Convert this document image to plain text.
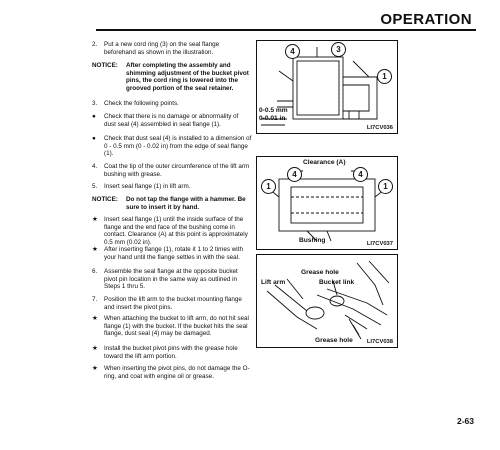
OPERATION
2.	Put a new cord ring (3) on the seal flange beforehand as shown in the illustration.
NOTICE:	After completing the assembly and shimming adjustment of the bucket pivot pins, the cord ring is lowered into the grooved portion of the seal retainer.
3.	Check the following points.
●	Check that there is no damage or abnormality of dust seal (4) assembled in seal flange (1).
●	Check that dust seal (4) is installed to a dimension of 0 - 0.5 mm (0 - 0.02 in) from the edge of seal flange (1).
4.	Coat the tip of the outer circumference of the lift arm bushing with grease.
5.	Insert seal flange (1) in lift arm.
NOTICE:	Do not tap the flange with a hammer. Be sure to insert it by hand.
★	Insert seal flange (1) until the inside surface of the flange and the end face of the bushing come in contact. Clearance (A) at this point is approximately 0.5 mm (0.02 in).
★	After inserting flange (1), rotate it 1 to 2 times with your hand until the flange settles in with the seal.
6.	Assemble the seal flange at the opposite bucket pivot pin location in the same way as outlined in Steps 1 thru 5.
7.	Position the lift arm to the bucket mounting flange and insert the pivot pins.
★	When attaching the bucket to lift arm, do not hit seal flange (1) with the bucket. If the bucket hits the seal flange, dust seal (4) may be damaged.
★	Install the bucket pivot pins with the grease hole toward the lift arm portion.
★	When inserting the pivot pins, do not damage the O-ring, and coat with engine oil or grease.
4	3
1
0-0.5 mm
0-0.01 in
LI7CV036
Clearance (A)
4	4
1	1
Bushing	LI7CV037
Grease hole
Lift arm	Bucket link
Grease hole LI7CV038
2-63
